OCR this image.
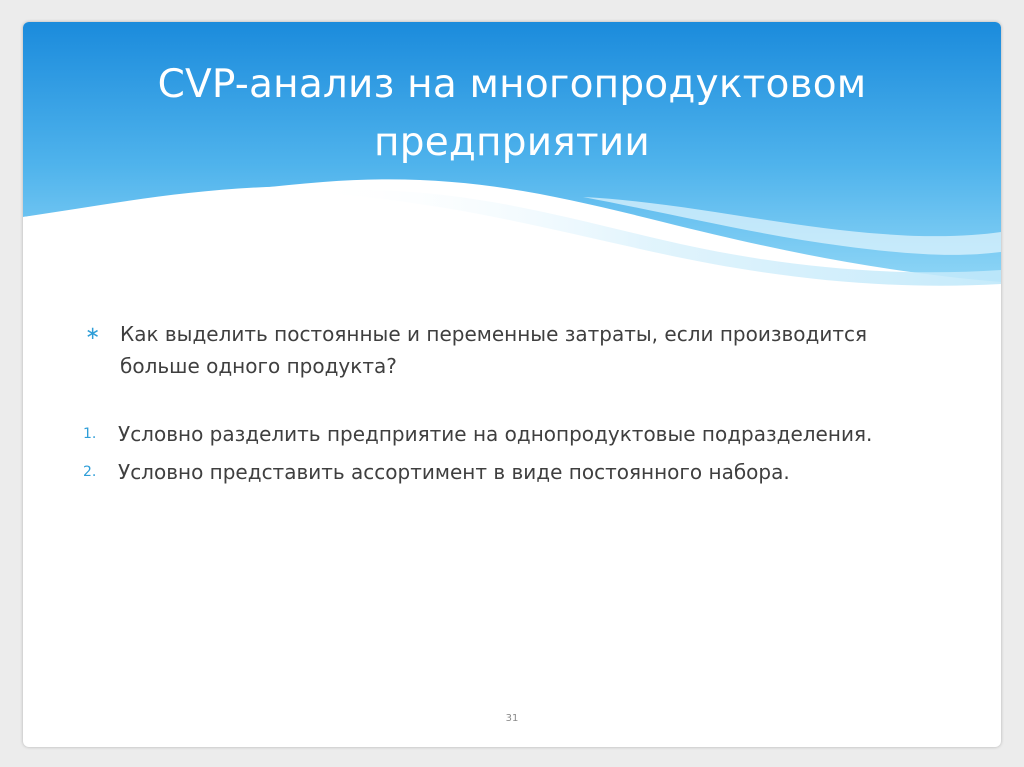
CVP-анализ на многопродуктовом предприятии
∗ Как выделить постоянные и переменные затраты, если производится больше одного продукта?
1.	Условно разделить предприятие на однопродуктовые подразделения.
2.	Условно представить ассортимент в виде постоянного набора.
31
